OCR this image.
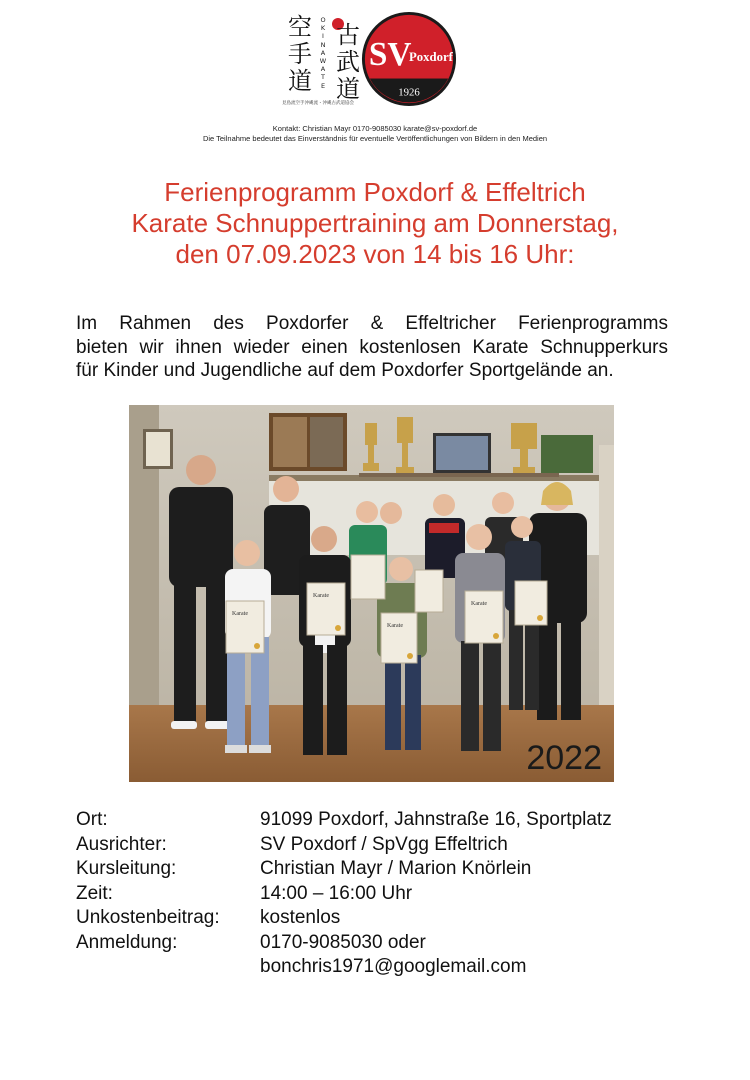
空
手
道
O
K
I
N
A
W
A
T
E
古
武
道
見島流空手沖縄流・沖縄古武道協会
SV
Poxdorf
1926
Kontakt: Christian Mayr 0170-9085030 karate@sv-poxdorf.de
Die Teilnahme bedeutet das Einverständnis für eventuelle Veröffentlichungen von Bildern in den Medien
Ferienprogramm Poxdorf & Effeltrich
Karate Schnuppertraining am Donnerstag,
den 07.09.2023 von 14 bis 16 Uhr:
Im Rahmen des Poxdorfer & Effeltricher Ferienprogramms
bieten wir ihnen wieder einen kostenlosen Karate Schnupperkurs
für Kinder und Jugendliche auf dem Poxdorfer Sportgelände an.
Karate
Karate
Karate
Karate
2022
Ort:	91099 Poxdorf, Jahnstraße 16, Sportplatz
Ausrichter:	SV Poxdorf / SpVgg Effeltrich
Kursleitung:	Christian Mayr / Marion Knörlein
Zeit:	14:00 – 16:00 Uhr
Unkostenbeitrag:	kostenlos
Anmeldung:	0170-9085030 oder
bonchris1971@googlemail.com
